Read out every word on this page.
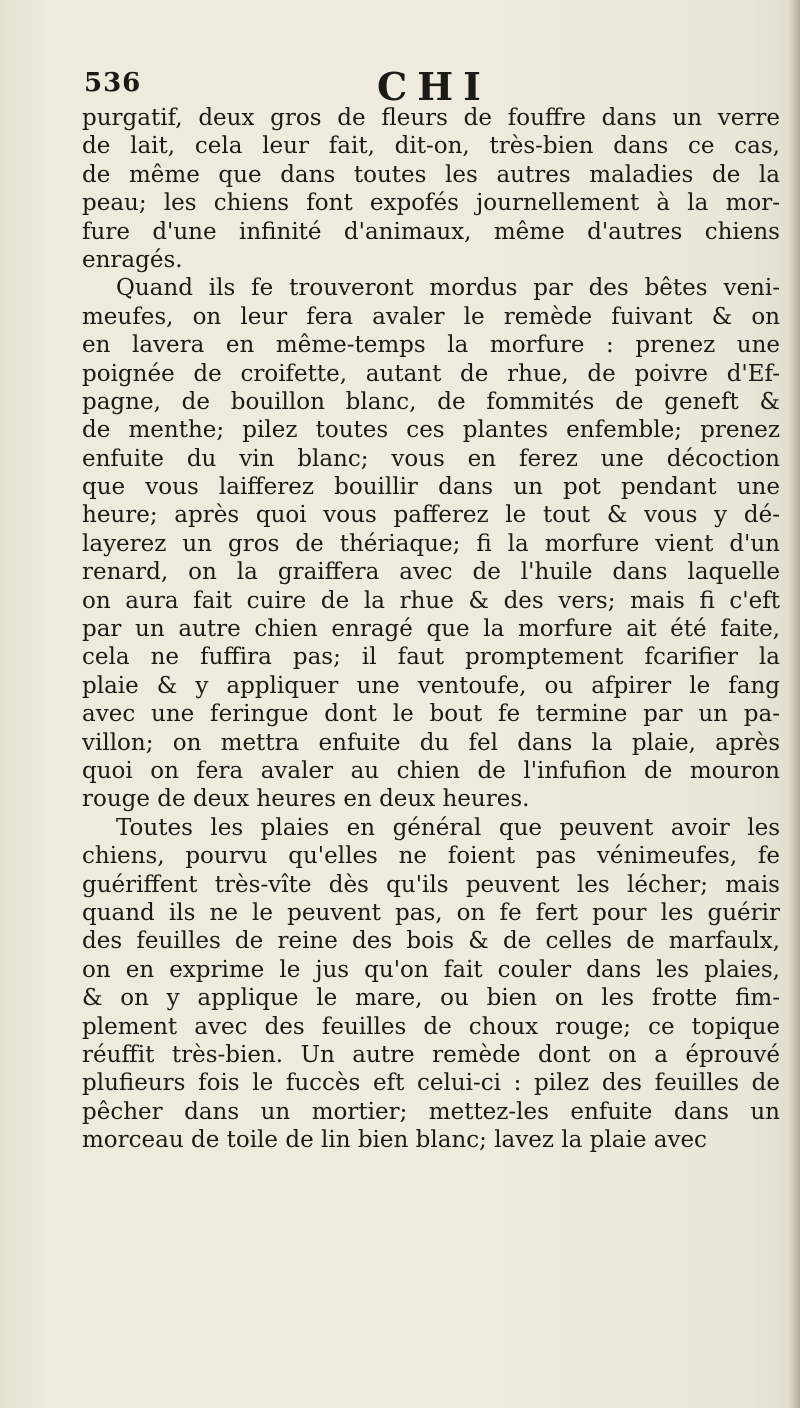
536	CHI
purgatif, deux gros de fleurs de fouffre dans un verre
de lait, cela leur fait, dit-on, très-bien dans ce cas,
de même que dans toutes les autres maladies de la
peau; les chiens font expofés journellement à la mor-
fure d'une infinité d'animaux, même d'autres chiens
enragés.
Quand ils fe trouveront mordus par des bêtes veni-
meufes, on leur fera avaler le remède fuivant & on
en lavera en même-temps la morfure : prenez une
poignée de croifette, autant de rhue, de poivre d'Ef-
pagne, de bouillon blanc, de fommités de geneft &
de menthe; pilez toutes ces plantes enfemble; prenez
enfuite du vin blanc; vous en ferez une décoction
que vous laifferez bouillir dans un pot pendant une
heure; après quoi vous pafferez le tout & vous y dé-
layerez un gros de thériaque; fi la morfure vient d'un
renard, on la graiffera avec de l'huile dans laquelle
on aura fait cuire de la rhue & des vers; mais fi c'eft
par un autre chien enragé que la morfure ait été faite,
cela ne fuffira pas; il faut promptement fcarifier la
plaie & y appliquer une ventoufe, ou afpirer le fang
avec une feringue dont le bout fe termine par un pa-
villon; on mettra enfuite du fel dans la plaie, après
quoi on fera avaler au chien de l'infufion de mouron
rouge de deux heures en deux heures.
Toutes les plaies en général que peuvent avoir les
chiens, pourvu qu'elles ne foient pas vénimeufes, fe
guériffent très-vîte dès qu'ils peuvent les lécher; mais
quand ils ne le peuvent pas, on fe fert pour les guérir
des feuilles de reine des bois & de celles de marfaulx,
on en exprime le jus qu'on fait couler dans les plaies,
& on y applique le mare, ou bien on les frotte fim-
plement avec des feuilles de choux rouge; ce topique
réuffit très-bien. Un autre remède dont on a éprouvé
plufieurs fois le fuccès eft celui-ci : pilez des feuilles de
pêcher dans un mortier; mettez-les enfuite dans un
morceau de toile de lin bien blanc; lavez la plaie avec
